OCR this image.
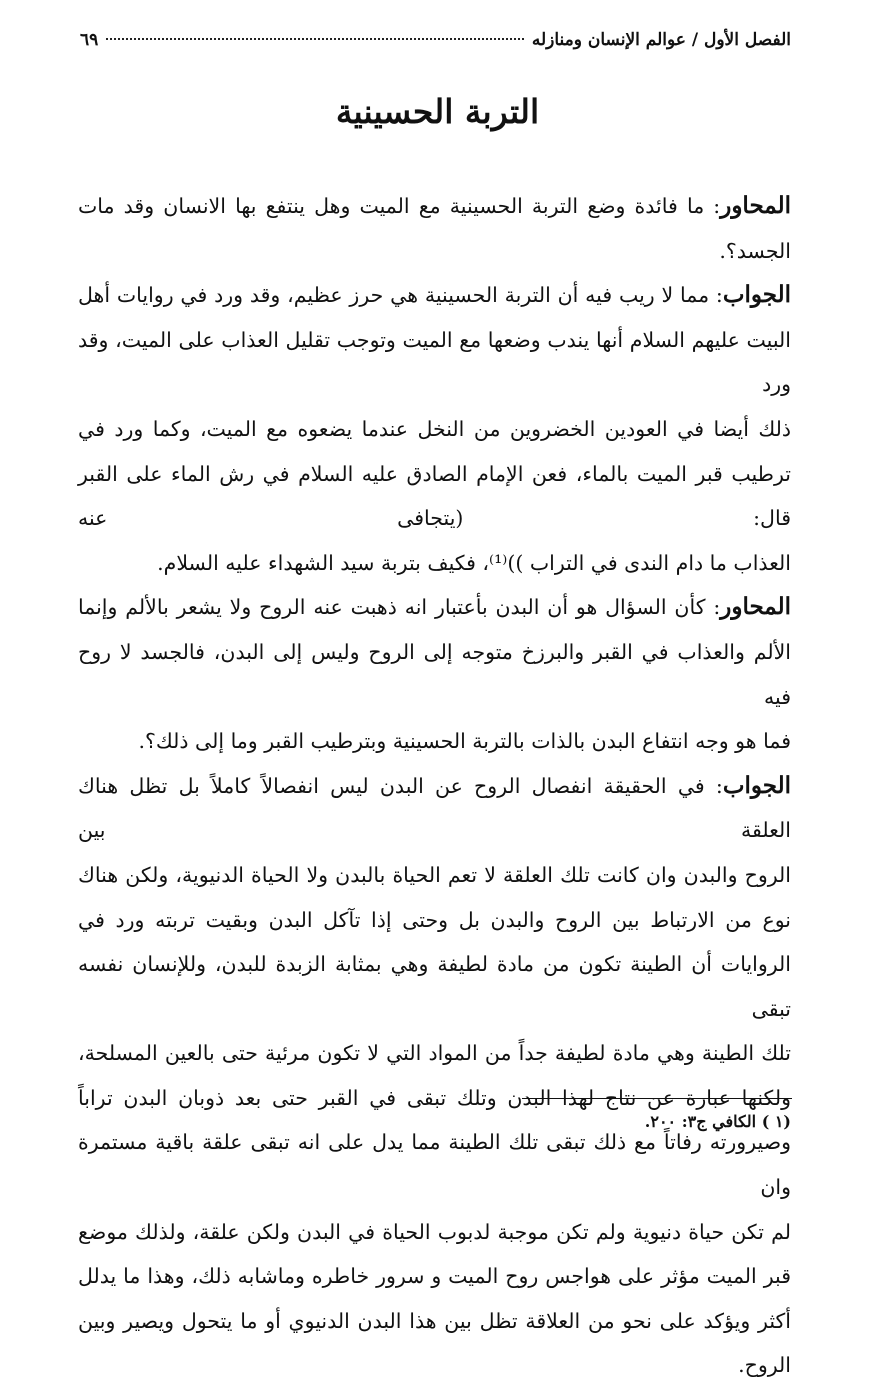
الفصل الأول / عوالم الإنسان ومنازله
٦٩
التربة الحسينية

المحاور: ما فائدة وضع التربة الحسينية مع الميت وهل ينتفع بها الانسان وقد مات الجسد؟.

الجواب: مما لا ريب فيه أن التربة الحسينية هي حرز عظيم، وقد ورد في روايات أهل
البيت عليهم السلام أنها يندب وضعها مع الميت وتوجب تقليل العذاب على الميت، وقد ورد
ذلك أيضا في العودين الخضروين من النخل عندما يضعوه مع الميت، وكما ورد في
ترطيب قبر الميت بالماء، فعن الإمام الصادق عليه السلام في رش الماء على القبر قال: (يتجافى عنه
العذاب ما دام الندى في التراب ))⁽¹⁾، فكيف بتربة سيد الشهداء عليه السلام.

المحاور: كأن السؤال هو أن البدن بأعتبار انه ذهبت عنه الروح ولا يشعر بالألم وإنما
الألم والعذاب في القبر والبرزخ متوجه إلى الروح وليس إلى البدن، فالجسد لا روح فيه
فما هو وجه انتفاع البدن بالذات بالتربة الحسينية وبترطيب القبر وما إلى ذلك؟.

الجواب: في الحقيقة انفصال الروح عن البدن ليس انفصالاً كاملاً بل تظل هناك العلقة بين
الروح والبدن وان كانت تلك العلقة لا تعم الحياة بالبدن ولا الحياة الدنيوية، ولكن هناك
نوع من الارتباط بين الروح والبدن بل وحتى إذا تآكل البدن وبقيت تربته ورد في
الروايات أن الطينة تكون من مادة لطيفة وهي بمثابة الزبدة للبدن، وللإنسان نفسه تبقى
تلك الطينة وهي مادة لطيفة جداً من المواد التي لا تكون مرئية حتى بالعين المسلحة،
ولكنها عبارة عن نتاج لهذا البدن وتلك تبقى في القبر حتى بعد ذوبان البدن تراباً
وصيرورته رفاتاً مع ذلك تبقى تلك الطينة مما يدل على انه تبقى علقة باقية مستمرة وان
لم تكن حياة دنيوية ولم تكن موجبة لدبوب الحياة في البدن ولكن علقة، ولذلك موضع
قبر الميت مؤثر على هواجس روح الميت و سرور خاطره وماشابه ذلك، وهذا ما يدلل
أكثر ويؤكد على نحو من العلاقة تظل بين هذا البدن الدنيوي أو ما يتحول ويصير وبين
الروح.

(١ ) الكافي ج٣: ٢٠٠.
